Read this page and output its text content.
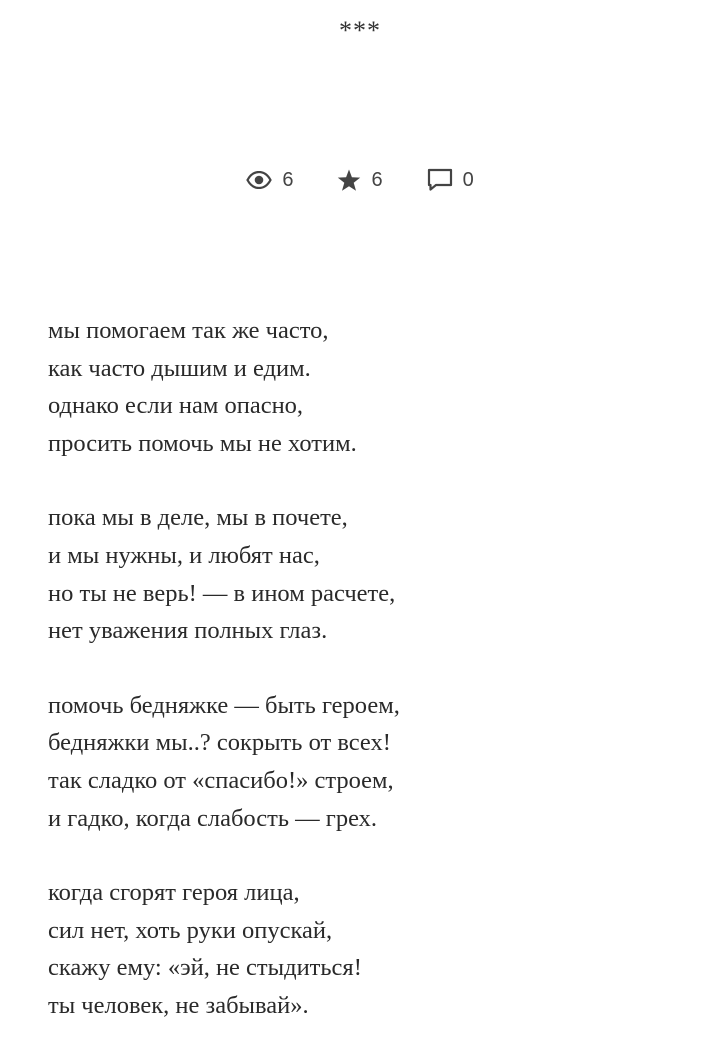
***
6	6	0
мы помогаем так же часто,
как часто дышим и едим.
однако если нам опасно,
просить помочь мы не хотим.
пока мы в деле, мы в почете,
и мы нужны, и любят нас,
но ты не верь! — в ином расчете,
нет уважения полных глаз.
помочь бедняжке — быть героем,
бедняжки мы..? сокрыть от всех!
так сладко от «спасибо!» строем,
и гадко, когда слабость — грех.
когда сгорят героя лица,
сил нет, хоть руки опускай,
скажу ему: «эй, не стыдиться!
ты человек, не забывай».
